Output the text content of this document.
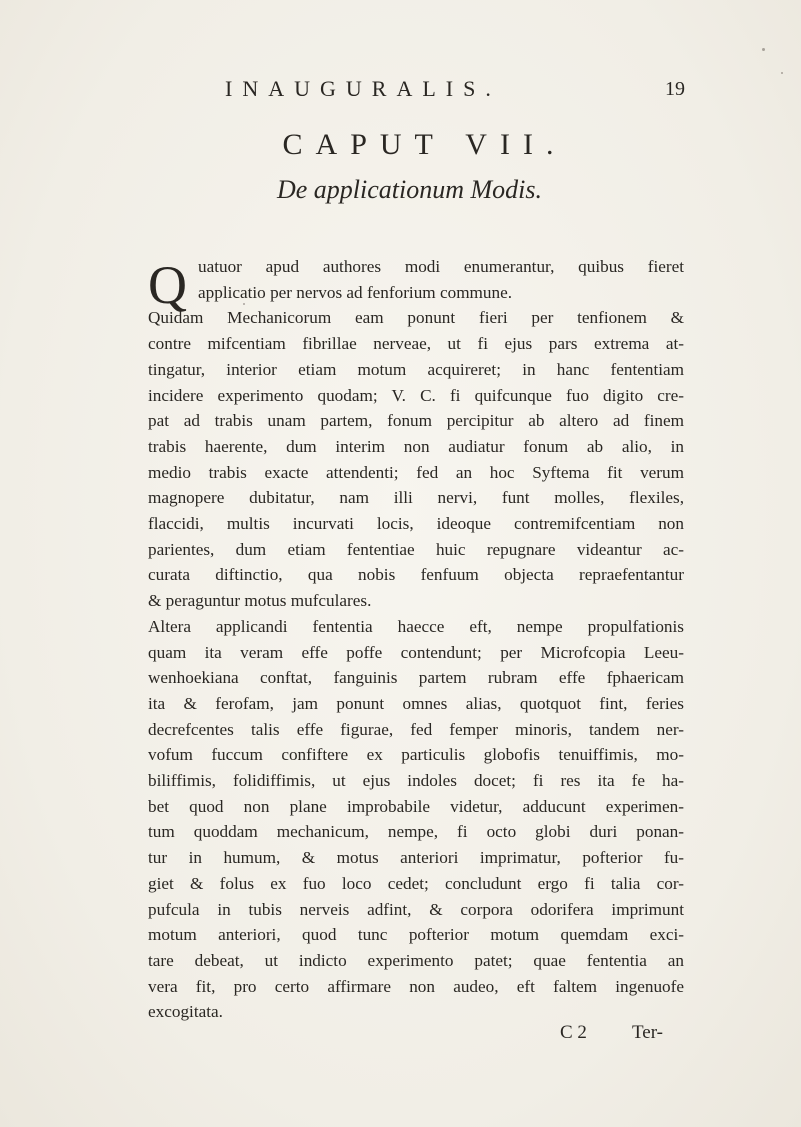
INAUGURALIS.	19
CAPUT VII.
De applicationum Modis.
Q uatuor apud authores modi enumerantur, quibus fieret
applicatio per nervos ad fenforium commune.
Quidam Mechanicorum eam ponunt fieri per tenfionem &
contre mifcentiam fibrillae nerveae, ut fi ejus pars extrema at-
tingatur, interior etiam motum acquireret; in hanc fententiam
incidere experimento quodam; V. C. fi quifcunque fuo digito cre-
pat ad trabis unam partem, fonum percipitur ab altero ad finem
trabis haerente, dum interim non audiatur fonum ab alio, in
medio trabis exacte attendenti; fed an hoc Syftema fit verum
magnopere dubitatur, nam illi nervi, funt molles, flexiles,
flaccidi, multis incurvati locis, ideoque contremifcentiam non
parientes, dum etiam fententiae huic repugnare videantur ac-
curata diftinctio, qua nobis fenfuum objecta repraefentantur
& peraguntur motus mufculares.
Altera applicandi fententia haecce eft, nempe propulfationis
quam ita veram effe poffe contendunt; per Microfcopia Leeu-
wenhoekiana conftat, fanguinis partem rubram effe fphaericam
ita & ferofam, jam ponunt omnes alias, quotquot fint, feries
decrefcentes talis effe figurae, fed femper minoris, tandem ner-
vofum fuccum confiftere ex particulis globofis tenuiffimis, mo-
biliffimis, folidiffimis, ut ejus indoles docet; fi res ita fe ha-
bet quod non plane improbabile videtur, adducunt experimen-
tum quoddam mechanicum, nempe, fi octo globi duri ponan-
tur in humum, & motus anteriori imprimatur, pofterior fu-
giet & folus ex fuo loco cedet; concludunt ergo fi talia cor-
pufcula in tubis nerveis adfint, & corpora odorifera imprimunt
motum anteriori, quod tunc pofterior motum quemdam exci-
tare debeat, ut indicto experimento patet; quae fententia an
vera fit, pro certo affirmare non audeo, eft faltem ingenuofe
excogitata.
C 2 Ter-
